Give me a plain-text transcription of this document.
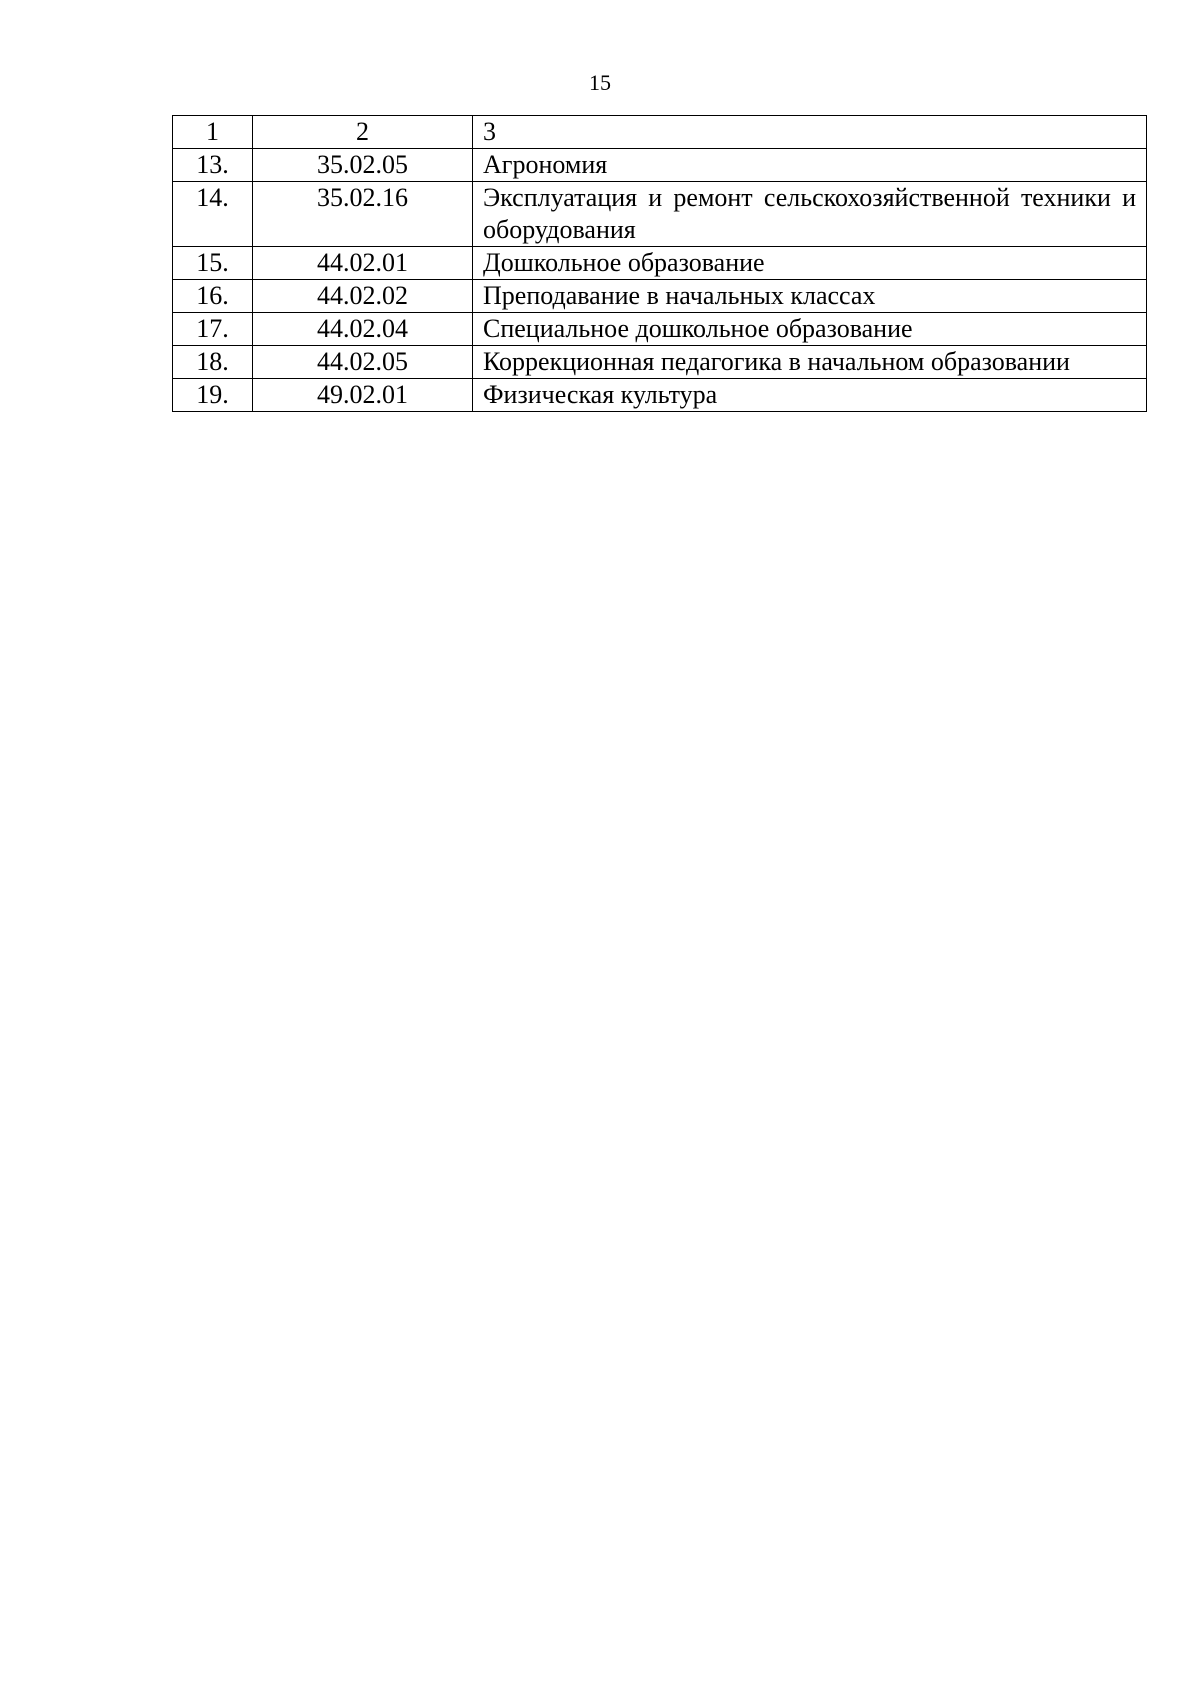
15
1	2	3
13.	35.02.05	Агрономия
14.	35.02.16	Эксплуатация и ремонт сельскохозяйственной техники и оборудования
15.	44.02.01	Дошкольное образование
16.	44.02.02	Преподавание в начальных классах
17.	44.02.04	Специальное дошкольное образование
18.	44.02.05	Коррекционная педагогика в начальном образовании
19.	49.02.01	Физическая культура
